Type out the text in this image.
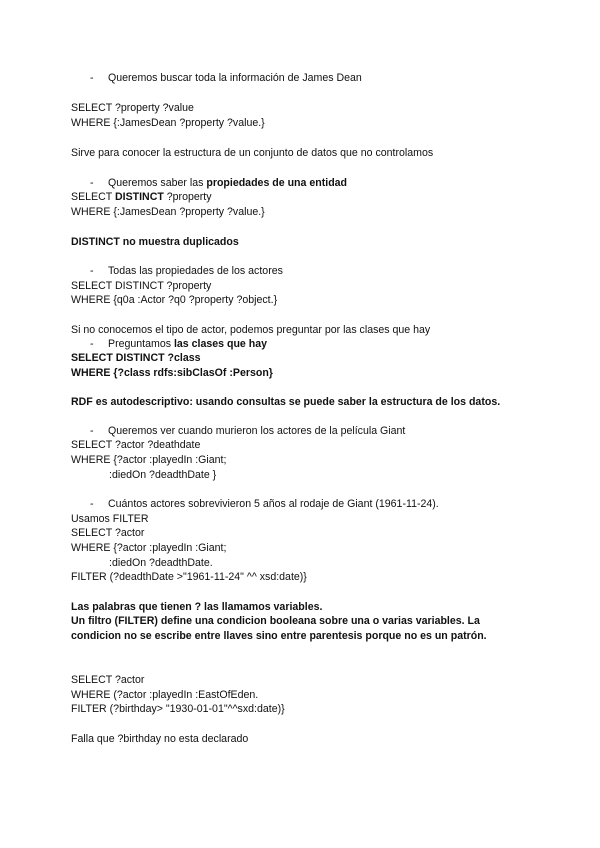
- Queremos buscar toda la información de James Dean
SELECT ?property ?value
WHERE {:JamesDean ?property ?value.}
Sirve para conocer la estructura de un conjunto de datos que no controlamos
- Queremos saber las propiedades de una entidad
SELECT DISTINCT ?property
WHERE {:JamesDean ?property ?value.}
DISTINCT no muestra duplicados
- Todas las propiedades de los actores
SELECT DISTINCT ?property
WHERE {q0a :Actor ?q0 ?property ?object.}
Si no conocemos el tipo de actor, podemos preguntar por las clases que hay
- Preguntamos las clases que hay
SELECT DISTINCT ?class
WHERE {?class rdfs:sibClasOf :Person}
RDF es autodescriptivo: usando consultas se puede saber la estructura de los datos.
- Queremos ver cuando murieron los actores de la película Giant
SELECT ?actor ?deathdate
WHERE {?actor :playedIn :Giant;
:diedOn ?deadthDate }
- Cuántos actores sobrevivieron 5 años al rodaje de Giant (1961-11-24).
Usamos FILTER
SELECT ?actor
WHERE {?actor :playedIn :Giant;
:diedOn ?deadthDate.
FILTER (?deadthDate >"1961-11-24" ^^ xsd:date)}
Las palabras que tienen ? las llamamos variables.
Un filtro (FILTER) define una condicion booleana sobre una o varias variables. La
condicion no se escribe entre llaves sino entre parentesis porque no es un patrón.
SELECT ?actor
WHERE (?actor :playedIn :EastOfEden.
FILTER (?birthday> "1930-01-01"^^sxd:date)}
Falla que ?birthday no esta declarado
